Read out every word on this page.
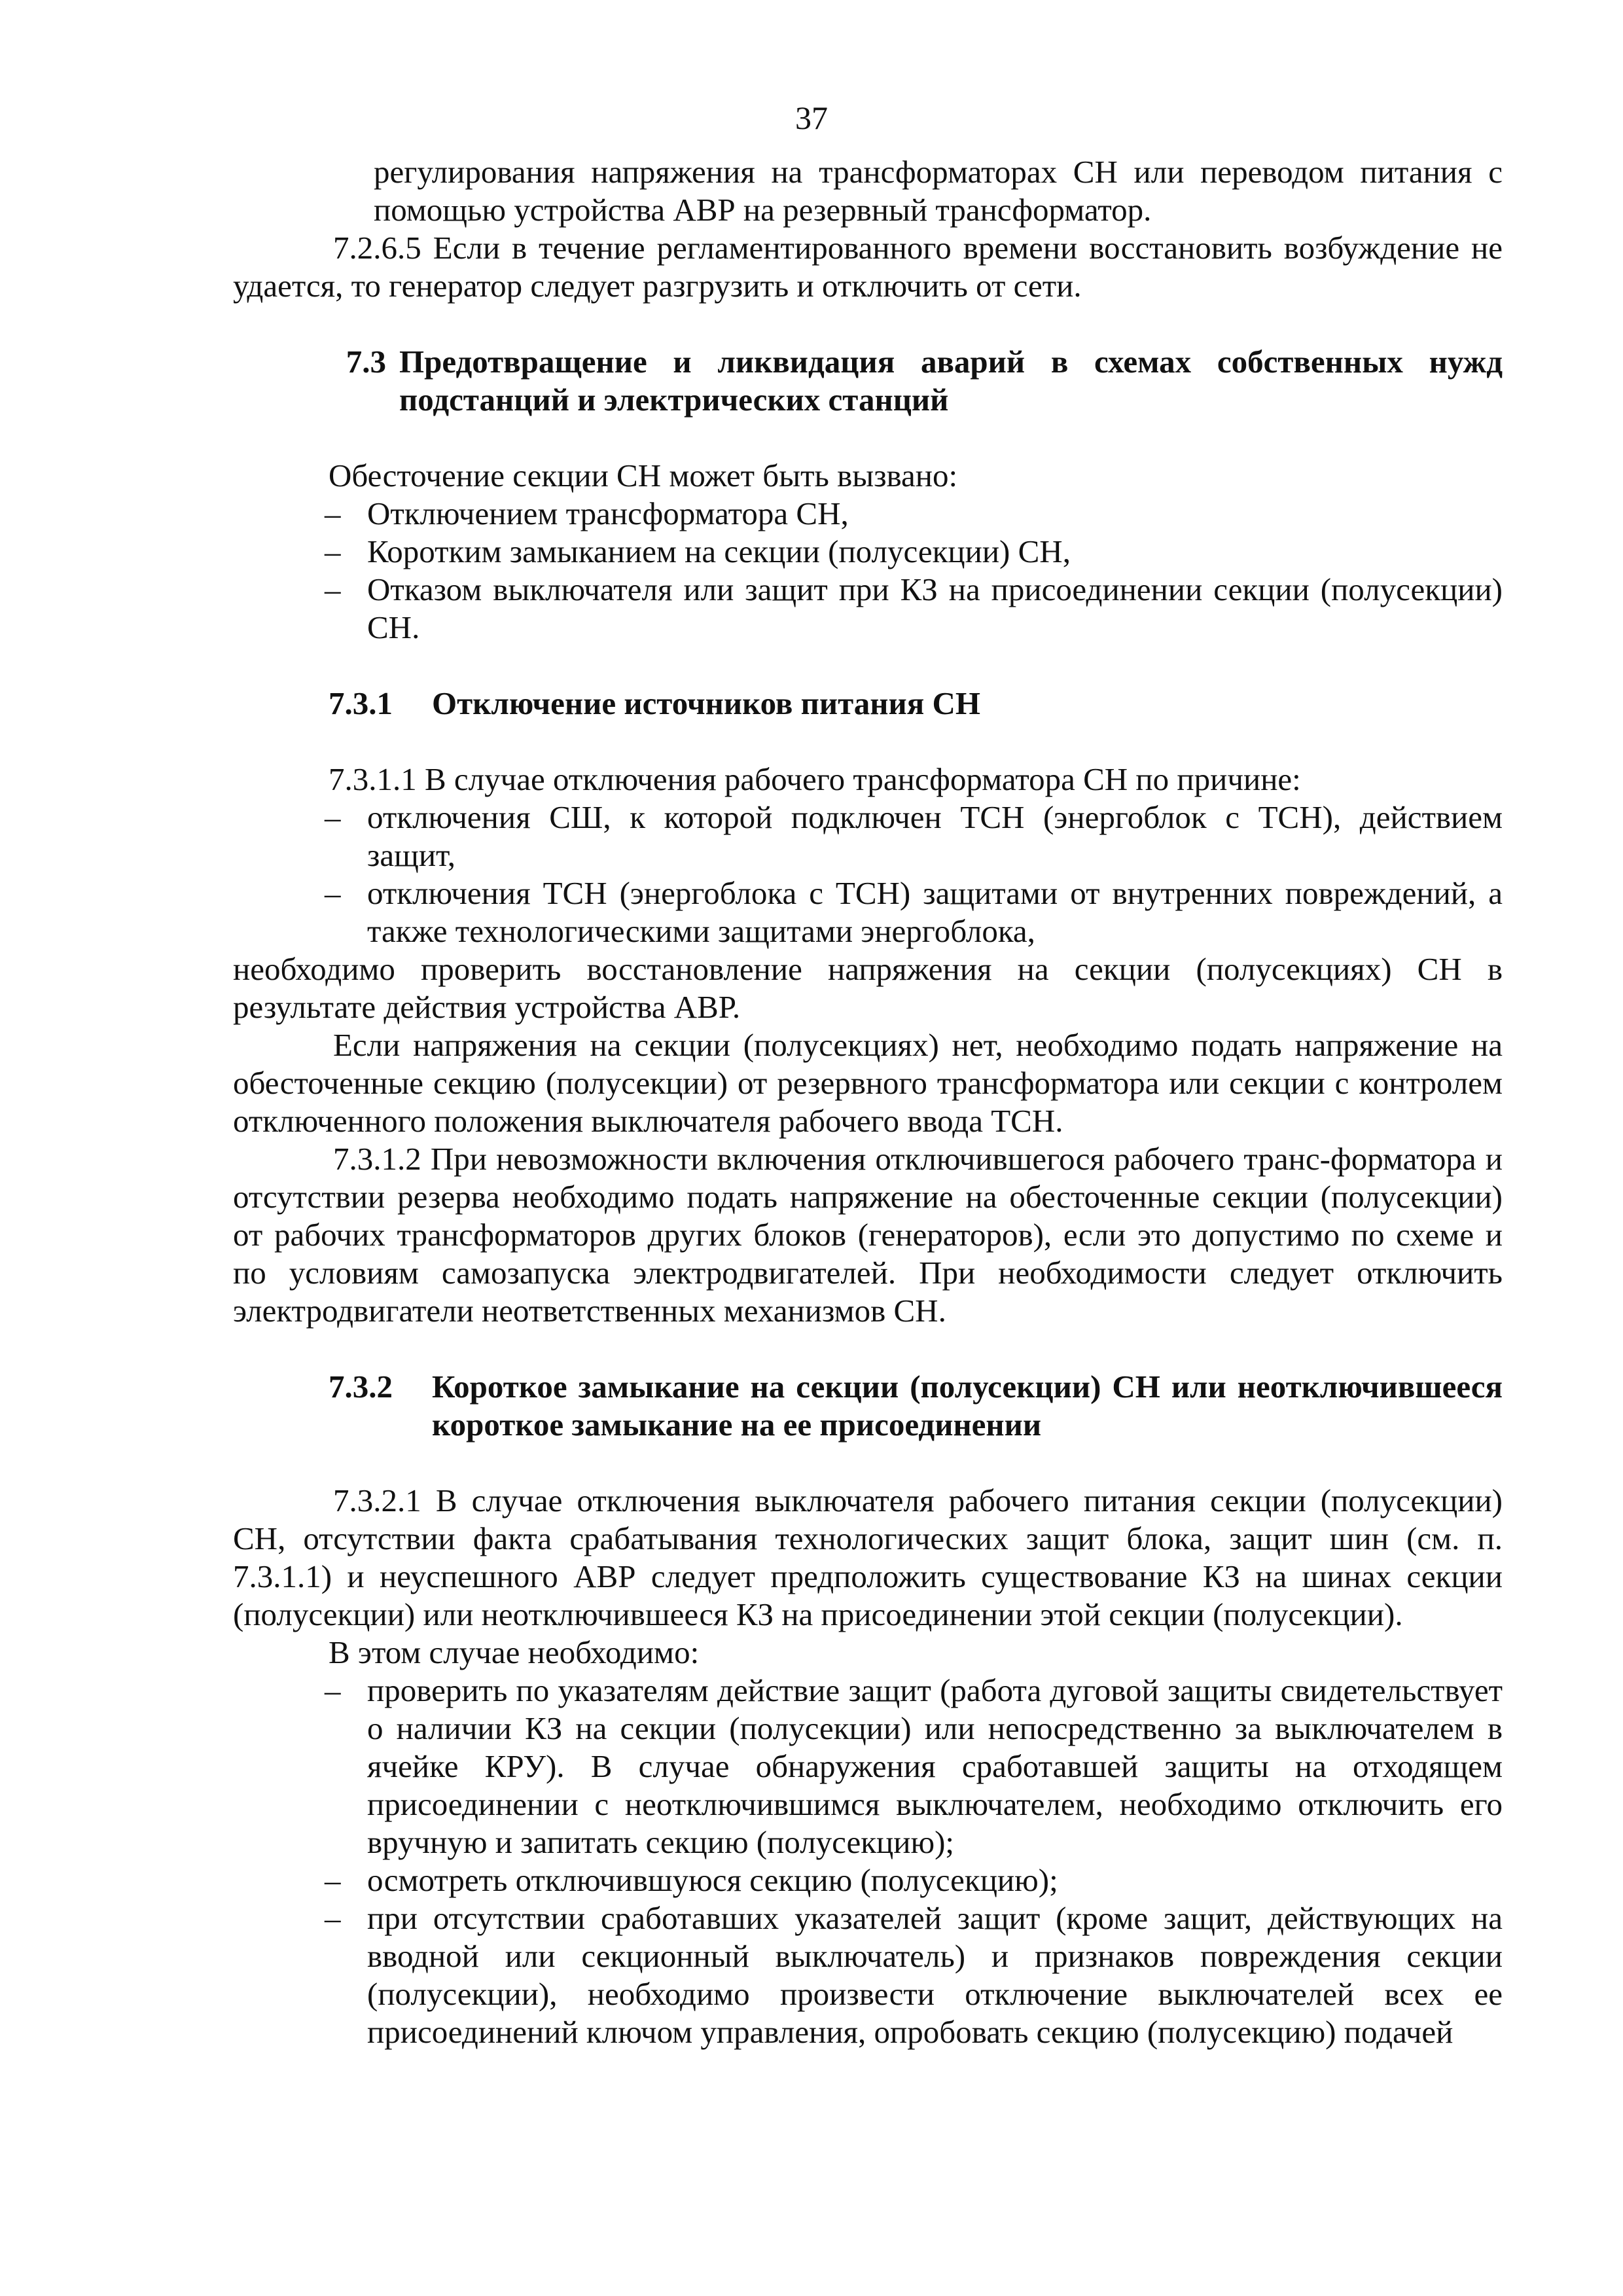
37

регулирования напряжения на трансформаторах СН или переводом питания с помощью устройства АВР на резервный трансформатор.

7.2.6.5 Если в течение регламентированного времени восстановить возбуждение не удается, то генератор следует разгрузить и отключить от сети.

7.3 Предотвращение и ликвидация аварий в схемах собственных нужд подстанций и электрических станций

Обесточение секции СН может быть вызвано:

– Отключением трансформатора СН,
– Коротким замыканием на секции (полусекции) СН,
– Отказом выключателя или защит при КЗ на присоединении секции (полусекции) СН.
7.3.1	Отключение источников питания СН

7.3.1.1 В случае отключения рабочего трансформатора СН по причине:

– отключения СШ, к которой подключен ТСН (энергоблок с ТСН), действием защит,
– отключения ТСН (энергоблока с ТСН) защитами от внутренних повреждений, а также технологическими защитами энергоблока,

необходимо проверить восстановление напряжения на секции (полусекциях) СН в результате действия устройства АВР.

Если напряжения на секции (полусекциях) нет, необходимо подать напряжение на обесточенные секцию (полусекции) от резервного трансформатора или секции с контролем отключенного положения выключателя рабочего ввода ТСН.

7.3.1.2 При невозможности включения отключившегося рабочего транс-форматора и отсутствии резерва необходимо подать напряжение на обесточенные секции (полусекции) от рабочих трансформаторов других блоков (генераторов), если это допустимо по схеме и по условиям самозапуска электродвигателей. При необходимости следует отключить электродвигатели неответственных механизмов СН.

7.3.2	Короткое замыкание на секции (полусекции) СН или неотключившееся короткое замыкание на ее присоединении

7.3.2.1 В случае отключения выключателя рабочего питания секции (полусекции) СН, отсутствии факта срабатывания технологических защит блока, защит шин (см. п. 7.3.1.1) и неуспешного АВР следует предположить существование КЗ на шинах секции (полусекции) или неотключившееся КЗ на присоединении этой секции (полусекции).

В этом случае необходимо:

– проверить по указателям действие защит (работа дуговой защиты свидетельствует о наличии КЗ на секции (полусекции) или непосредственно за выключателем в ячейке КРУ). В случае обнаружения сработавшей защиты на отходящем присоединении с неотключившимся выключателем, необходимо отключить его вручную и запитать секцию (полусекцию);
– осмотреть отключившуюся секцию (полусекцию);
– при отсутствии сработавших указателей защит (кроме защит, действующих на вводной или секционный выключатель) и признаков повреждения секции (полусекции), необходимо произвести отключение выключателей всех ее присоединений ключом управления, опробовать секцию (полусекцию) подачей
